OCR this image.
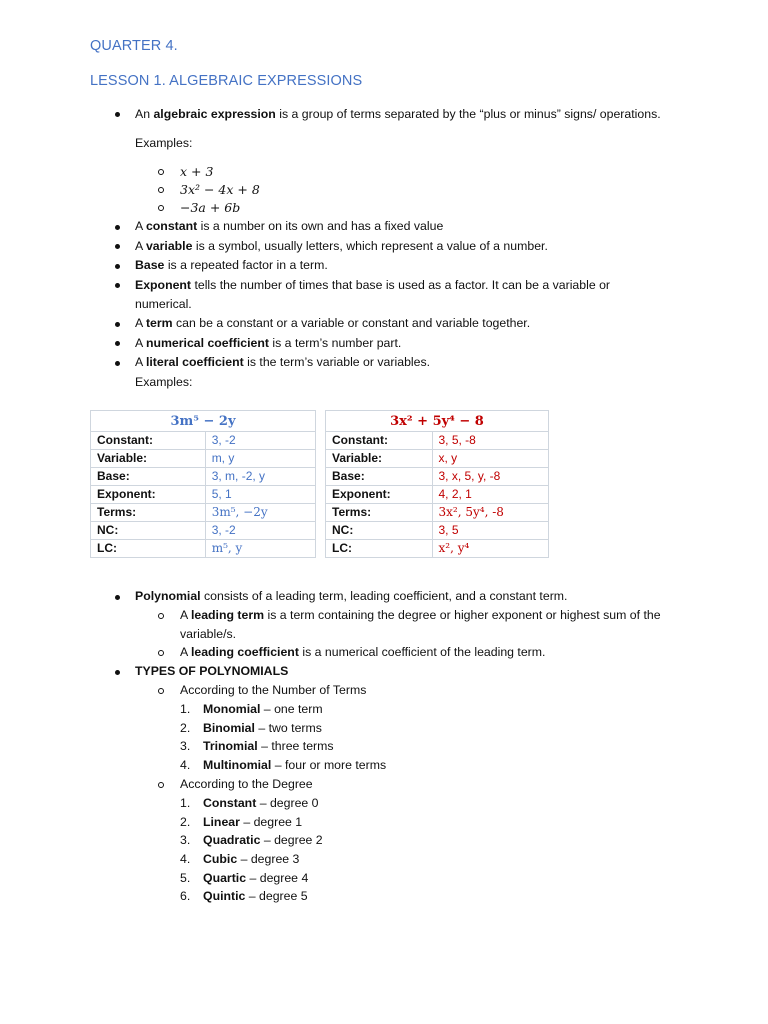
QUARTER 4.
LESSON 1. ALGEBRAIC EXPRESSIONS
An algebraic expression is a group of terms separated by the “plus or minus” signs/ operations.
Examples:
x + 3
3x² − 4x + 8
−3a + 6b
A constant is a number on its own and has a fixed value
A variable is a symbol, usually letters, which represent a value of a number.
Base is a repeated factor in a term.
Exponent tells the number of times that base is used as a factor. It can be a variable or
numerical.
A term can be a constant or a variable or constant and variable together.
A numerical coefficient is a term’s number part.
A literal coefficient is the term’s variable or variables.
Examples:
3m⁵ − 2y	
Constant:	3, -2
Variable:	m, y
Base:	3, m, -2, y
Exponent:	5, 1
Terms:	3m⁵, −2y
NC:	3, -2
LC:	m⁵, y
3x² + 5y⁴ − 8	
Constant:	3, 5, -8
Variable:	x, y
Base:	3, x, 5, y, -8
Exponent:	4, 2, 1
Terms:	3x², 5y⁴, -8
NC:	3, 5
LC:	x², y⁴
Polynomial consists of a leading term, leading coefficient, and a constant term.
A leading term is a term containing the degree or higher exponent or highest sum of the
variable/s.
A leading coefficient is a numerical coefficient of the leading term.
TYPES OF POLYNOMIALS
According to the Number of Terms
1. Monomial – one term
2. Binomial – two terms
3. Trinomial – three terms
4. Multinomial – four or more terms
According to the Degree
1. Constant – degree 0
2. Linear – degree 1
3. Quadratic – degree 2
4. Cubic – degree 3
5. Quartic – degree 4
6. Quintic – degree 5
